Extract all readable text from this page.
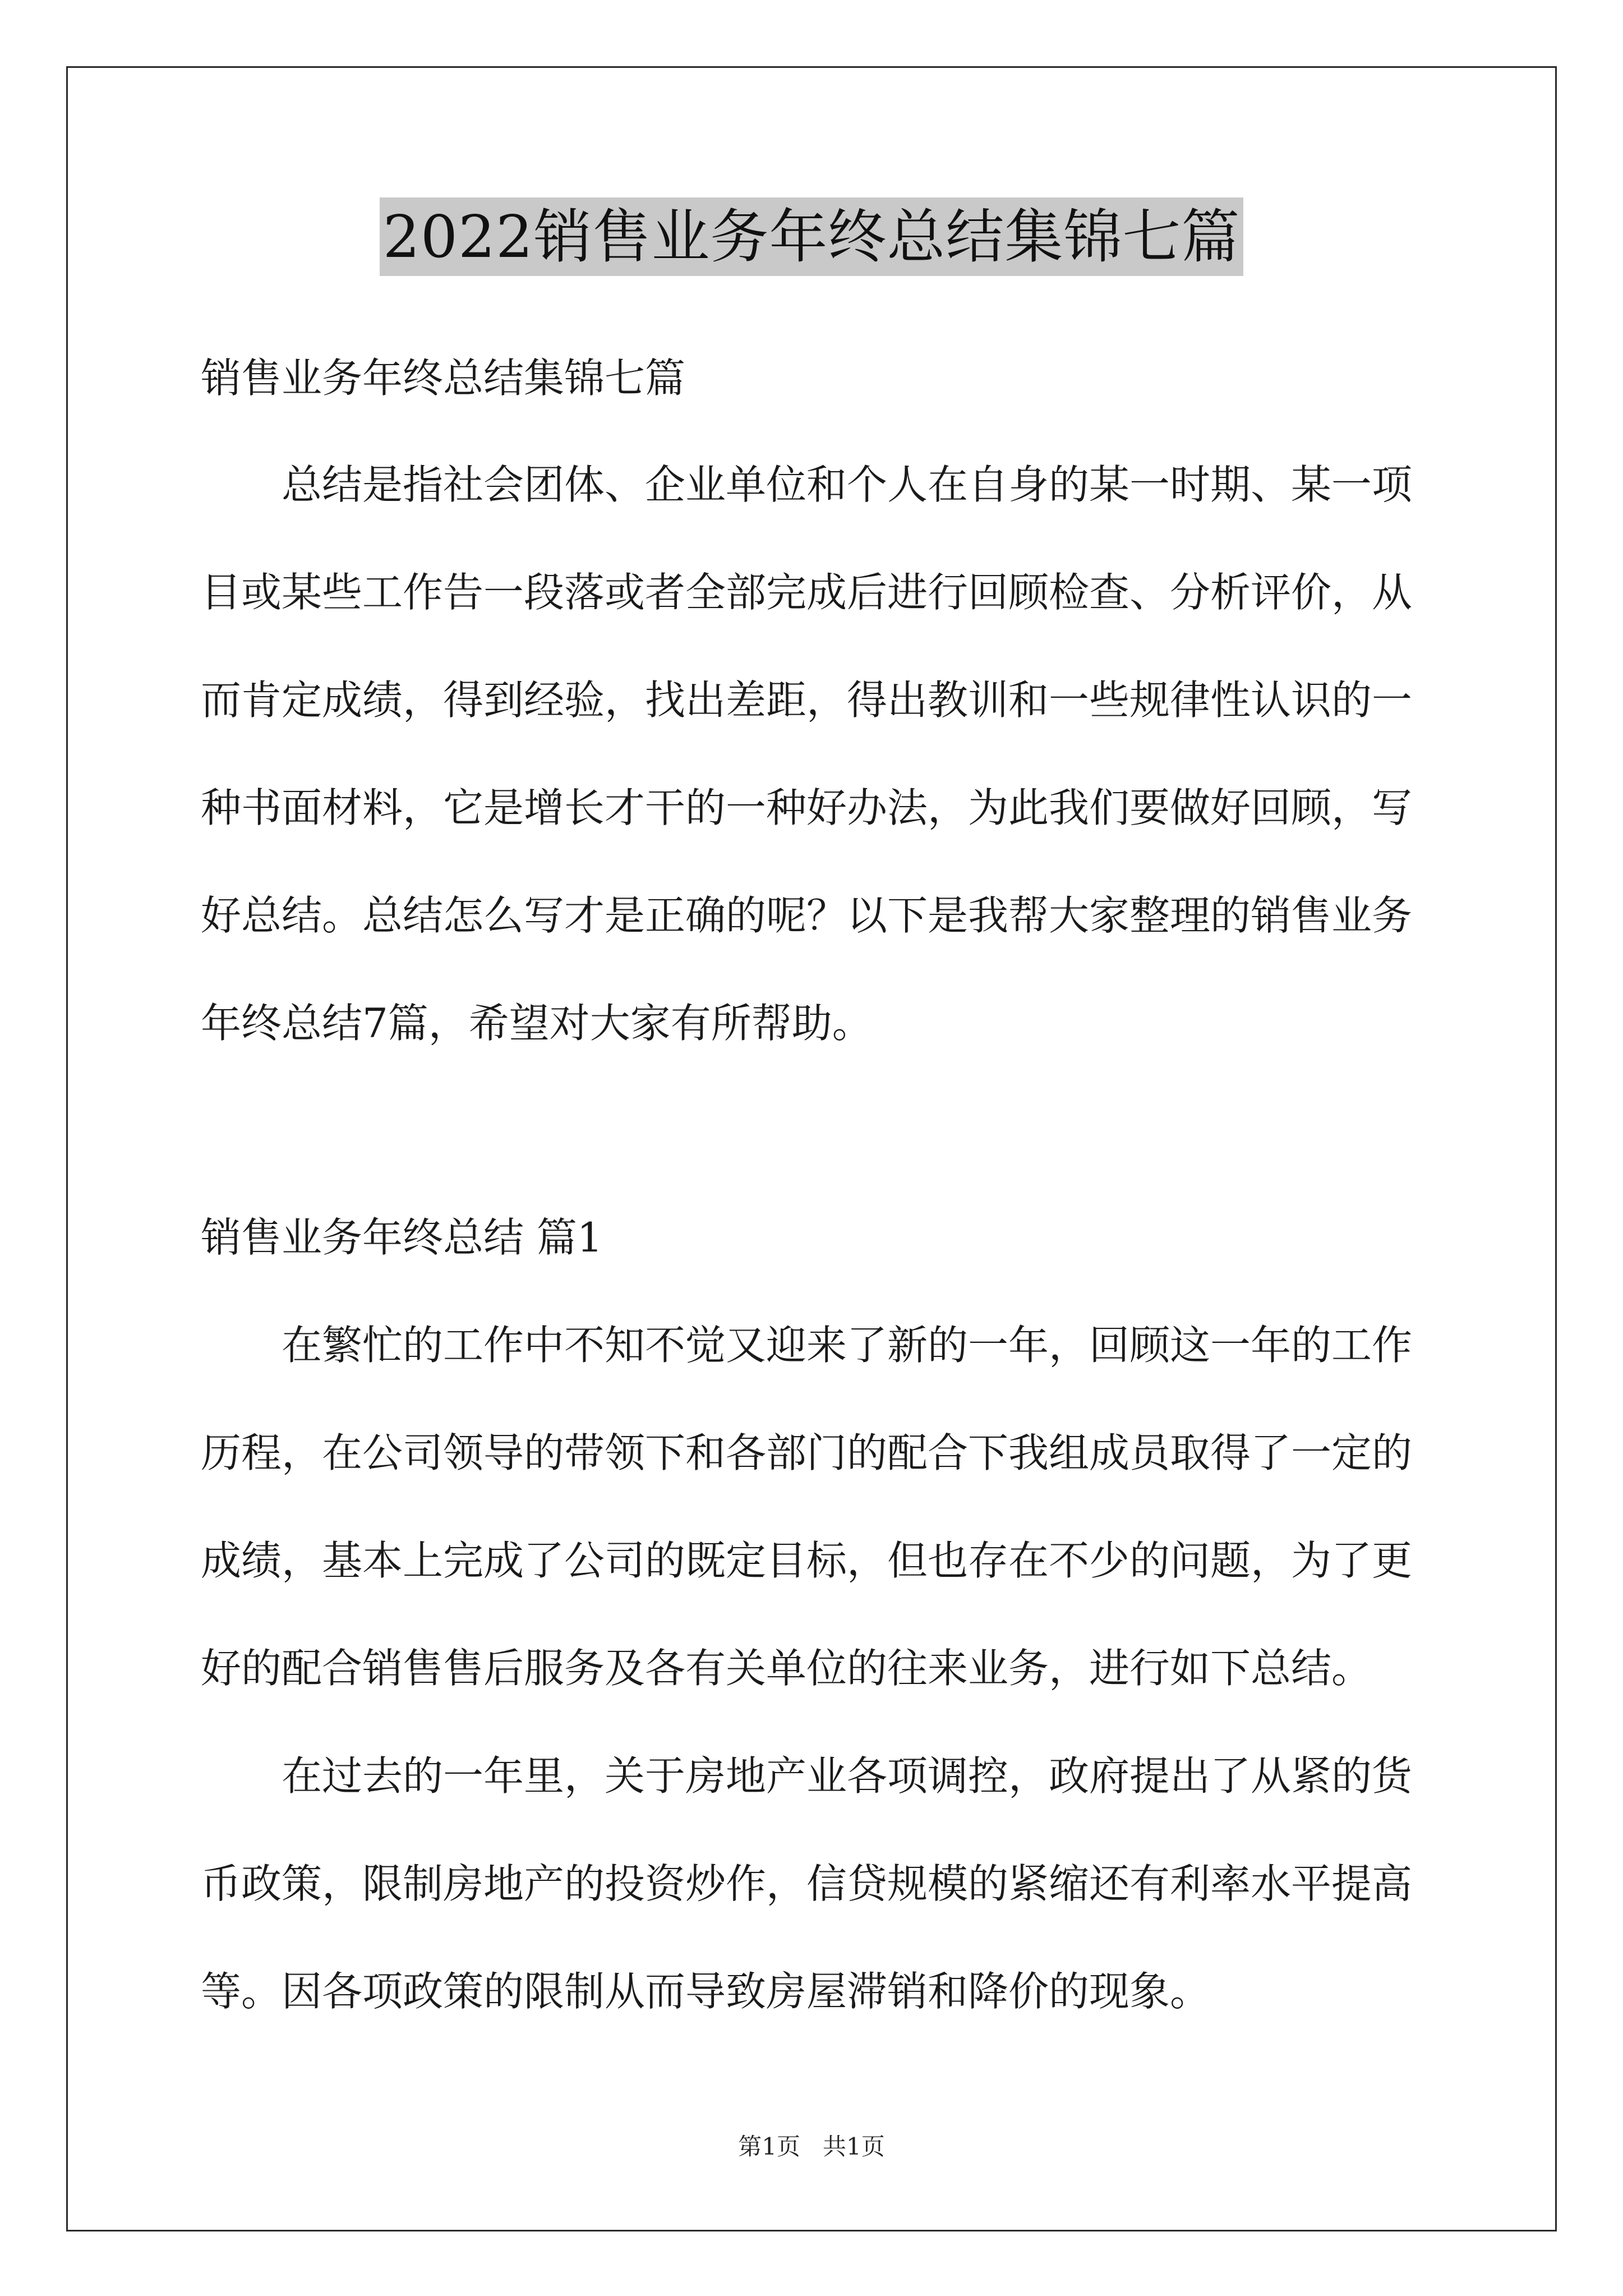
2022销售业务年终总结集锦七篇

销售业务年终总结集锦七篇

　　总结是指社会团体、企业单位和个人在自身的某一时期、某一项

目或某些工作告一段落或者全部完成后进行回顾检查、分析评价，从

而肯定成绩，得到经验，找出差距，得出教训和一些规律性认识的一

种书面材料，它是增长才干的一种好办法，为此我们要做好回顾，写

好总结。总结怎么写才是正确的呢？以下是我帮大家整理的销售业务

年终总结7篇，希望对大家有所帮助。

销售业务年终总结 篇1

　　在繁忙的工作中不知不觉又迎来了新的一年，回顾这一年的工作

历程，在公司领导的带领下和各部门的配合下我组成员取得了一定的

成绩，基本上完成了公司的既定目标，但也存在不少的问题，为了更

好的配合销售售后服务及各有关单位的往来业务，进行如下总结。

　　在过去的一年里，关于房地产业各项调控，政府提出了从紧的货

币政策，限制房地产的投资炒作，信贷规模的紧缩还有利率水平提高

等。因各项政策的限制从而导致房屋滞销和降价的现象。

第1页   共1页
